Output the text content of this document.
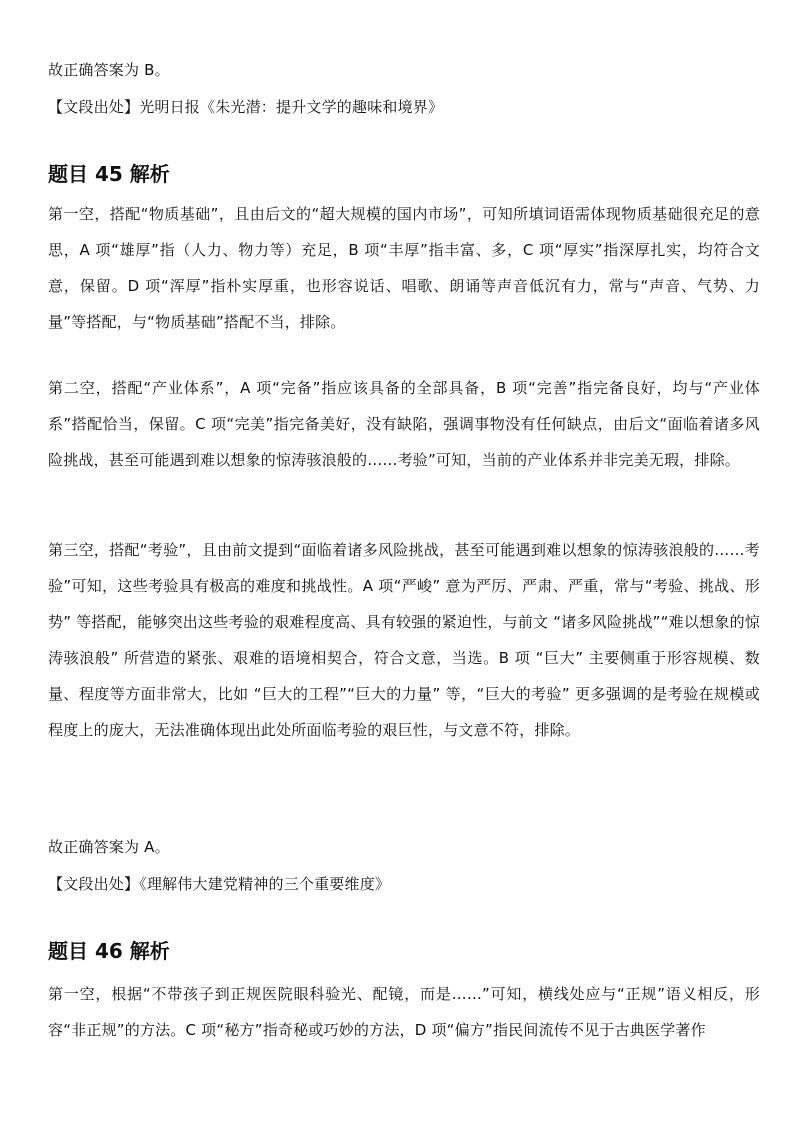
故正确答案为 B。

【文段出处】光明日报《朱光潜：提升文学的趣味和境界》

题目 45 解析

第一空，搭配“物质基础”，且由后文的“超大规模的国内市场”，可知所填词语需体现物质基础很充足的意思，A 项“雄厚”指（人力、物力等）充足，B 项“丰厚”指丰富、多，C 项“厚实”指深厚扎实，均符合文意，保留。D 项“浑厚”指朴实厚重，也形容说话、唱歌、朗诵等声音低沉有力，常与“声音、气势、力量”等搭配，与“物质基础”搭配不当，排除。

第二空，搭配“产业体系”，A 项“完备”指应该具备的全部具备，B 项“完善”指完备良好，均与“产业体系”搭配恰当，保留。C 项“完美”指完备美好，没有缺陷，强调事物没有任何缺点，由后文“面临着诸多风险挑战，甚至可能遇到难以想象的惊涛骇浪般的……考验”可知，当前的产业体系并非完美无瑕，排除。

第三空，搭配“考验”，且由前文提到“面临着诸多风险挑战，甚至可能遇到难以想象的惊涛骇浪般的……考验”可知，这些考验具有极高的难度和挑战性。A 项“严峻” 意为严厉、严肃、严重，常与“考验、挑战、形势” 等搭配，能够突出这些考验的艰难程度高、具有较强的紧迫性，与前文 “诸多风险挑战”“难以想象的惊涛骇浪般” 所营造的紧张、艰难的语境相契合，符合文意，当选。B 项 “巨大” 主要侧重于形容规模、数量、程度等方面非常大，比如 “巨大的工程”“巨大的力量” 等，“巨大的考验” 更多强调的是考验在规模或程度上的庞大，无法准确体现出此处所面临考验的艰巨性，与文意不符，排除。

故正确答案为 A。

【文段出处】《理解伟大建党精神的三个重要维度》

题目 46 解析

第一空，根据“不带孩子到正规医院眼科验光、配镜，而是……”可知，横线处应与“正规”语义相反，形容“非正规”的方法。C 项“秘方”指奇秘或巧妙的方法，D 项“偏方”指民间流传不见于古典医学著作
